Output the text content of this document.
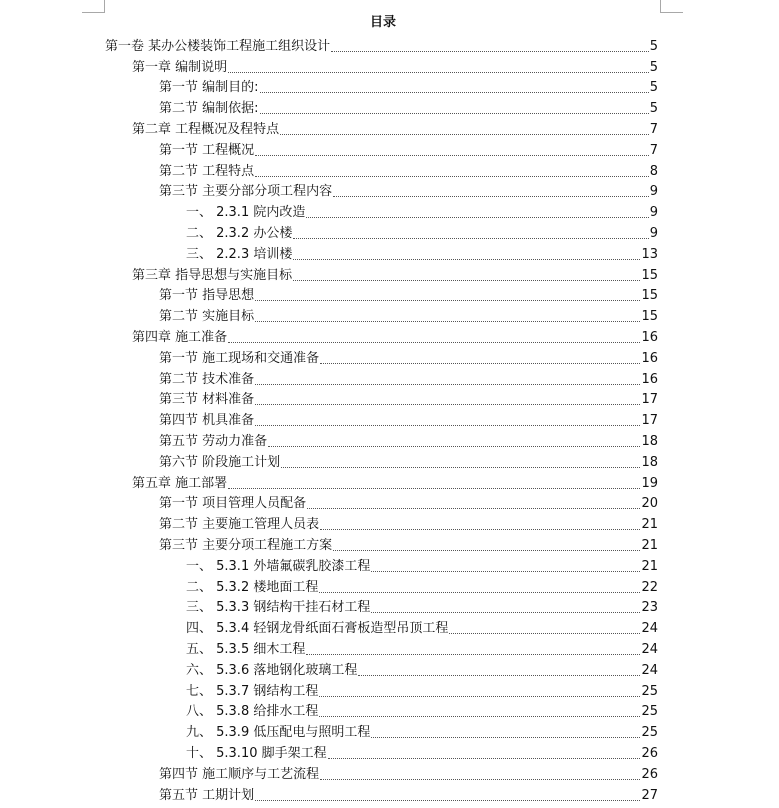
目录
第一卷 某办公楼装饰工程施工组织设计	5
第一章 编制说明	5
第一节 编制目的:	5
第二节 编制依据:	5
第二章 工程概况及程特点	7
第一节 工程概况	7
第二节 工程特点	8
第三节 主要分部分项工程内容	9
一、 2.3.1 院内改造	9
二、 2.3.2 办公楼	9
三、 2.2.3 培训楼	13
第三章 指导思想与实施目标	15
第一节 指导思想	15
第二节 实施目标	15
第四章 施工准备	16
第一节 施工现场和交通准备	16
第二节 技术准备	16
第三节 材料准备	17
第四节 机具准备	17
第五节 劳动力准备	18
第六节 阶段施工计划	18
第五章 施工部署	19
第一节 项目管理人员配备	20
第二节 主要施工管理人员表	21
第三节 主要分项工程施工方案	21
一、 5.3.1 外墙氟碳乳胶漆工程	21
二、 5.3.2 楼地面工程	22
三、 5.3.3 钢结构干挂石材工程	23
四、 5.3.4 轻钢龙骨纸面石膏板造型吊顶工程	24
五、 5.3.5 细木工程	24
六、 5.3.6 落地钢化玻璃工程	24
七、 5.3.7 钢结构工程	25
八、 5.3.8 给排水工程	25
九、 5.3.9 低压配电与照明工程	25
十、 5.3.10 脚手架工程	26
第四节 施工顺序与工艺流程	26
第五节 工期计划	27
